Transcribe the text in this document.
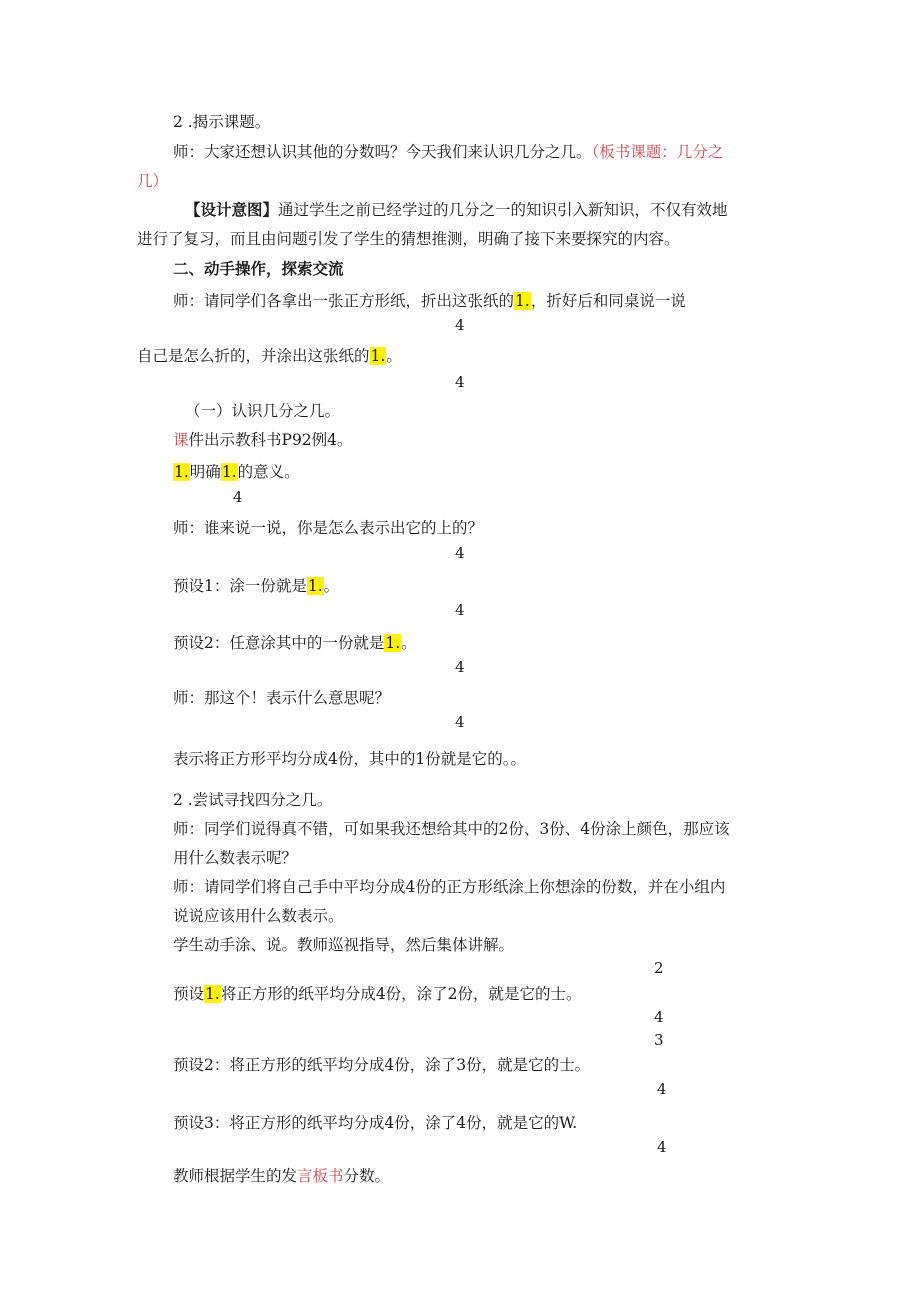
2 .揭示课题。
师：大家还想认识其他的分数吗？今天我们来认识几分之几。（板书课题：几分之
几）
【设计意图】通过学生之前已经学过的几分之一的知识引入新知识，不仅有效地
进行了复习，而且由问题引发了学生的猜想推测，明确了接下来要探究的内容。
二、动手操作，探索交流
师：请同学们各拿出一张正方形纸，折出这张纸的1.，折好后和同桌说一说
4
自己是怎么折的，并涂出这张纸的1.。
4
（一）认识几分之几。
课件出示教科书P92例4。
1.明确1.的意义。
4
师：谁来说一说，你是怎么表示出它的上的？
4
预设1：涂一份就是1.。
4
预设2：任意涂其中的一份就是1.。
4
师：那这个！表示什么意思呢？
4
表示将正方形平均分成4份，其中的1份就是它的。。
2 .尝试寻找四分之几。
师：同学们说得真不错，可如果我还想给其中的2份、3份、4份涂上颜色，那应该
用什么数表示呢？
师：请同学们将自己手中平均分成4份的正方形纸涂上你想涂的份数，并在小组内
说说应该用什么数表示。
学生动手涂、说。教师巡视指导，然后集体讲解。
2
预设1.将正方形的纸平均分成4份，涂了2份，就是它的士。
4
3
预设2：将正方形的纸平均分成4份，涂了3份，就是它的士。
4
预设3：将正方形的纸平均分成4份，涂了4份，就是它的W.
4
教师根据学生的发言板书分数。
